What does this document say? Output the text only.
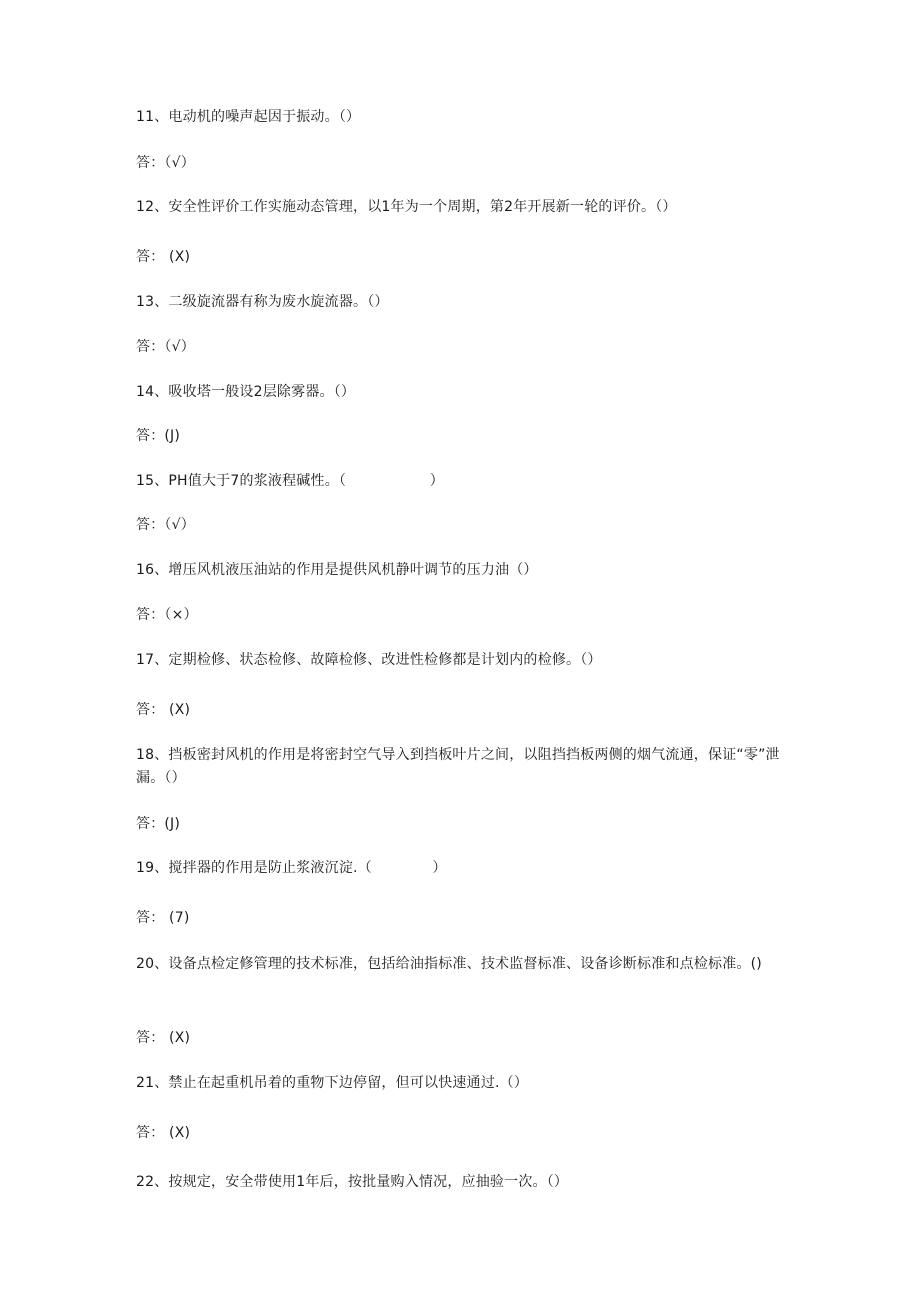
11、电动机的噪声起因于振动。（）
答：（√）
12、安全性评价工作实施动态管理，以1年为一个周期，第2年开展新一轮的评价。（）
答： (X)
13、二级旋流器有称为废水旋流器。（）
答：（√）
14、吸收塔一般设2层除雾器。（）
答：(J)
15、PH值大于7的浆液程碱性。（                  ）
答：（√）
16、增压风机液压油站的作用是提供风机静叶调节的压力油（）
答：（×）
17、定期检修、状态检修、故障检修、改进性检修都是计划内的检修。（）
答： (X)
18、挡板密封风机的作用是将密封空气导入到挡板叶片之间，以阻挡挡板两侧的烟气流通，保证“零”泄漏。（）
答：(J)
19、搅拌器的作用是防止浆液沉淀.（             ）
答： (7)
20、设备点检定修管理的技术标准，包括给油指标准、技术监督标准、设备诊断标准和点检标准。()
答： (X)
21、禁止在起重机吊着的重物下边停留，但可以快速通过.（）
答： (X)
22、按规定，安全带使用1年后，按批量购入情况，应抽验一次。（）
